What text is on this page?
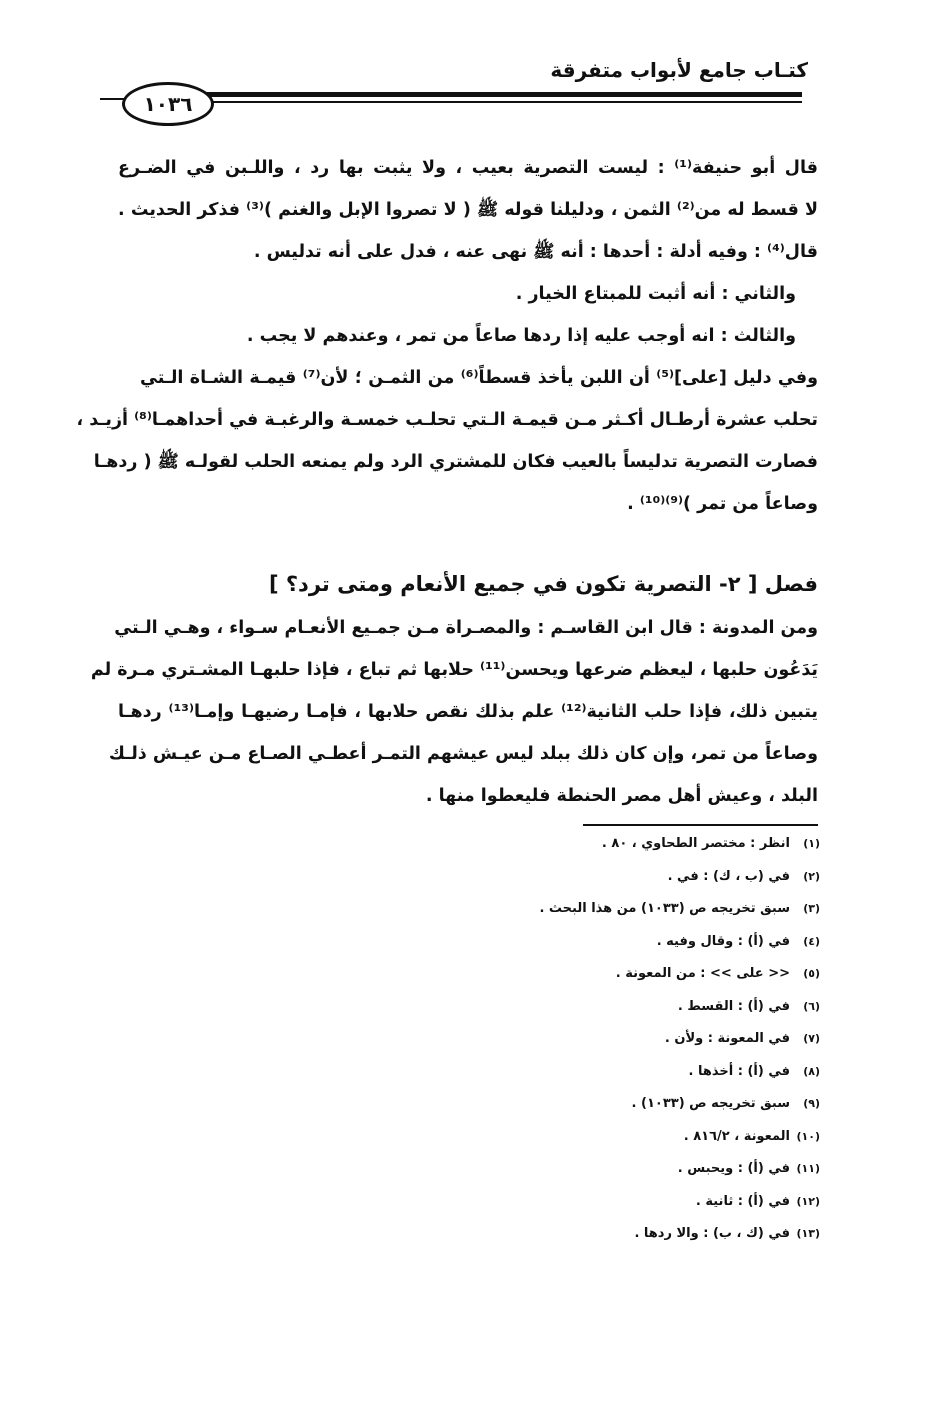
كتـاب جامع لأبواب متفرقة
١٠٣٦
قال أبو حنيفة⁽¹⁾ : ليست التصرية بعيب ، ولا يثبت بها رد ، واللـبن في الضـرع
لا قسط له من⁽²⁾ الثمن ، ودليلنا قوله ﷺ ( لا تصروا الإبل والغنم )⁽³⁾ فذكر الحديث .
قال⁽⁴⁾ : وفيه أدلة : أحدها : أنه ﷺ نهى عنه ، فدل على أنه تدليس .
والثاني : أنه أثبت للمبتاع الخيار .
والثالث : انه أوجب عليه إذا ردها صاعاً من تمر ، وعندهم لا يجب .
وفي دليل [على]⁽⁵⁾ أن اللبن يأخذ قسطاً⁽⁶⁾ من الثمـن ؛ لأن⁽⁷⁾ قيمـة الشـاة الـتي
تحلب عشرة أرطـال أكـثر مـن قيمـة الـتي تحلـب خمسـة والرغبـة في أحداهمـا⁽⁸⁾ أزيـد ،
فصارت التصرية تدليساً بالعيب فكان للمشتري الرد ولم يمنعه الحلب لقولـه ﷺ ( ردهـا
وصاعاً من تمر )⁽⁹⁾⁽¹⁰⁾ .
فصل [ ٢- التصرية تكون في جميع الأنعام ومتى ترد؟ ]
ومن المدونة : قال ابن القاسـم : والمصـراة مـن جمـيع الأنعـام سـواء ، وهـي الـتي
يَدَعُون حلبها ، ليعظم ضرعها ويحسن⁽¹¹⁾ حلابها ثم تباع ، فإذا حلبهـا المشـتري مـرة لم
يتبين ذلك، فإذا حلب الثانية⁽¹²⁾ علم بذلك نقص حلابها ، فإمـا رضيهـا وإمـا⁽¹³⁾ ردهـا
وصاعاً من تمر، وإن كان ذلك ببلد ليس عيشهم التمـر أعطـي الصـاع مـن عيـش ذلـك
البلد ، وعيش أهل مصر الحنطة فليعطوا منها .
(١)
انظر : مختصر الطحاوي ، ٨٠ .
(٢)
في (ب ، ك) : في .
(٣)
سبق تخريجه ص (١٠٣٣) من هذا البحث .
(٤)
في (أ) : وقال وفيه .
(٥)
<< على >> : من المعونة .
(٦)
في (أ) : القسط .
(٧)
في المعونة : ولأن .
(٨)
في (أ) : أخذها .
(٩)
سبق تخريجه ص (١٠٣٣) .
(١٠)
المعونة ، ٨١٦/٢ .
(١١)
في (أ) : ويحبس .
(١٢)
في (أ) : ثانية .
(١٣)
في (ك ، ب) : والا ردها .
